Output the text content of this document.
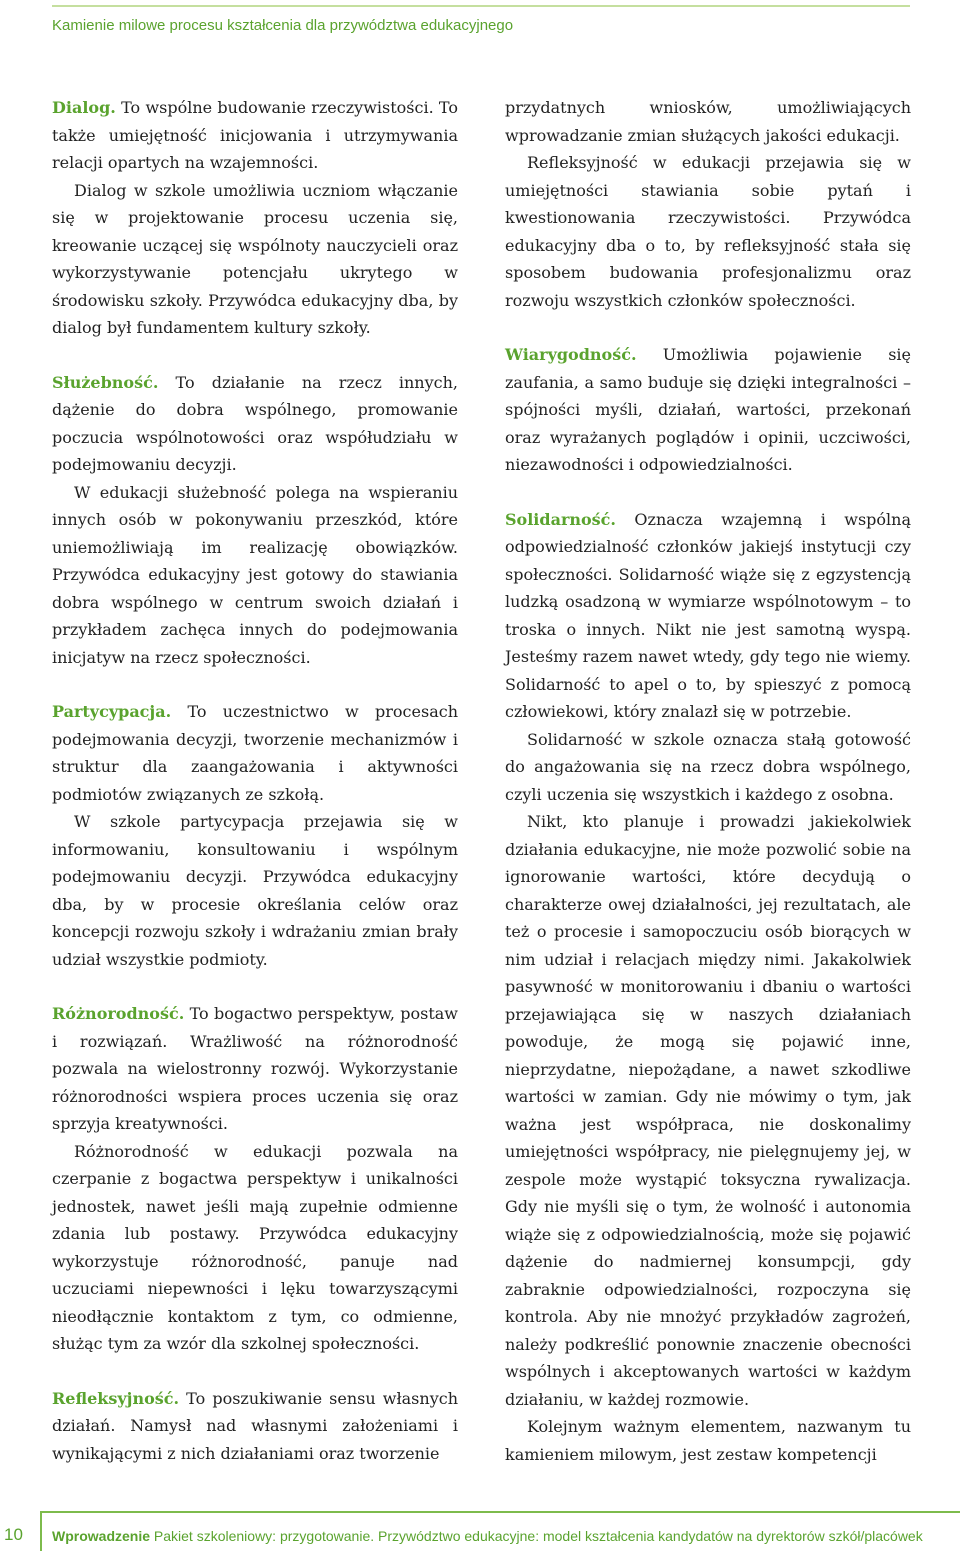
Kamienie milowe procesu kształcenia dla przywództwa edukacyjnego

Dialog. To wspólne budowanie rzeczywistości. To także umiejętność inicjowania i utrzymywania relacji opartych na wzajemności.

Dialog w szkole umożliwia uczniom włączanie się w projektowanie procesu uczenia się, kreowanie uczącej się wspólnoty nauczycieli oraz wykorzystywanie potencjału ukrytego w środowisku szkoły. Przywódca edukacyjny dba, by dialog był fundamentem kultury szkoły.

Służebność. To działanie na rzecz innych, dążenie do dobra wspólnego, promowanie poczucia wspólnotowości oraz współudziału w podejmowaniu decyzji.

W edukacji służebność polega na wspieraniu innych osób w pokonywaniu przeszkód, które uniemożliwiają im realizację obowiązków. Przywódca edukacyjny jest gotowy do stawiania dobra wspólnego w centrum swoich działań i przykładem zachęca innych do podejmowania inicjatyw na rzecz społeczności.

Partycypacja. To uczestnictwo w procesach podejmowania decyzji, tworzenie mechanizmów i struktur dla zaangażowania i aktywności podmiotów związanych ze szkołą.

W szkole partycypacja przejawia się w informowaniu, konsultowaniu i wspólnym podejmowaniu decyzji. Przywódca edukacyjny dba, by w procesie określania celów oraz koncepcji rozwoju szkoły i wdrażaniu zmian brały udział wszystkie podmioty.

Różnorodność. To bogactwo perspektyw, postaw i rozwiązań. Wrażliwość na różnorodność pozwala na wielostronny rozwój. Wykorzystanie różnorodności wspiera proces uczenia się oraz sprzyja kreatywności.

Różnorodność w edukacji pozwala na czerpanie z bogactwa perspektyw i unikalności jednostek, nawet jeśli mają zupełnie odmienne zdania lub postawy. Przywódca edukacyjny wykorzystuje różnorodność, panuje nad uczuciami niepewności i lęku towarzyszącymi nieodłącznie kontaktom z tym, co odmienne, służąc tym za wzór dla szkolnej społeczności.

Refleksyjność. To poszukiwanie sensu własnych działań. Namysł nad własnymi założeniami i wynikającymi z nich działaniami oraz tworzenie

przydatnych wniosków, umożliwiających wprowadzanie zmian służących jakości edukacji.

Refleksyjność w edukacji przejawia się w umiejętności stawiania sobie pytań i kwestionowania rzeczywistości. Przywódca edukacyjny dba o to, by refleksyjność stała się sposobem budowania profesjonalizmu oraz rozwoju wszystkich członków społeczności.

Wiarygodność. Umożliwia pojawienie się zaufania, a samo buduje się dzięki integralności – spójności myśli, działań, wartości, przekonań oraz wyrażanych poglądów i opinii, uczciwości, niezawodności i odpowiedzialności.

Solidarność. Oznacza wzajemną i wspólną odpowiedzialność członków jakiejś instytucji czy społeczności. Solidarność wiąże się z egzystencją ludzką osadzoną w wymiarze wspólnotowym – to troska o innych. Nikt nie jest samotną wyspą. Jesteśmy razem nawet wtedy, gdy tego nie wiemy. Solidarność to apel o to, by spieszyć z pomocą człowiekowi, który znalazł się w potrzebie.

Solidarność w szkole oznacza stałą gotowość do angażowania się na rzecz dobra wspólnego, czyli uczenia się wszystkich i każdego z osobna.

Nikt, kto planuje i prowadzi jakiekolwiek działania edukacyjne, nie może pozwolić sobie na ignorowanie wartości, które decydują o charakterze owej działalności, jej rezultatach, ale też o procesie i samopoczuciu osób biorących w nim udział i relacjach między nimi. Jakakolwiek pasywność w monitorowaniu i dbaniu o wartości przejawiająca się w naszych działaniach powoduje, że mogą się pojawić inne, nieprzydatne, niepożądane, a nawet szkodliwe wartości w zamian. Gdy nie mówimy o tym, jak ważna jest współpraca, nie doskonalimy umiejętności współpracy, nie pielęgnujemy jej, w zespole może wystąpić toksyczna rywalizacja. Gdy nie myśli się o tym, że wolność i autonomia wiąże się z odpowiedzialnością, może się pojawić dążenie do nadmiernej konsumpcji, gdy zabraknie odpowiedzialności, rozpoczyna się kontrola. Aby nie mnożyć przykładów zagrożeń, należy podkreślić ponownie znaczenie obecności wspólnych i akceptowanych wartości w każdym działaniu, w każdej rozmowie.

Kolejnym ważnym elementem, nazwanym tu kamieniem milowym, jest zestaw kompetencji

10 Wprowadzenie Pakiet szkoleniowy: przygotowanie. Przywództwo edukacyjne: model kształcenia kandydatów na dyrektorów szkół/placówek
